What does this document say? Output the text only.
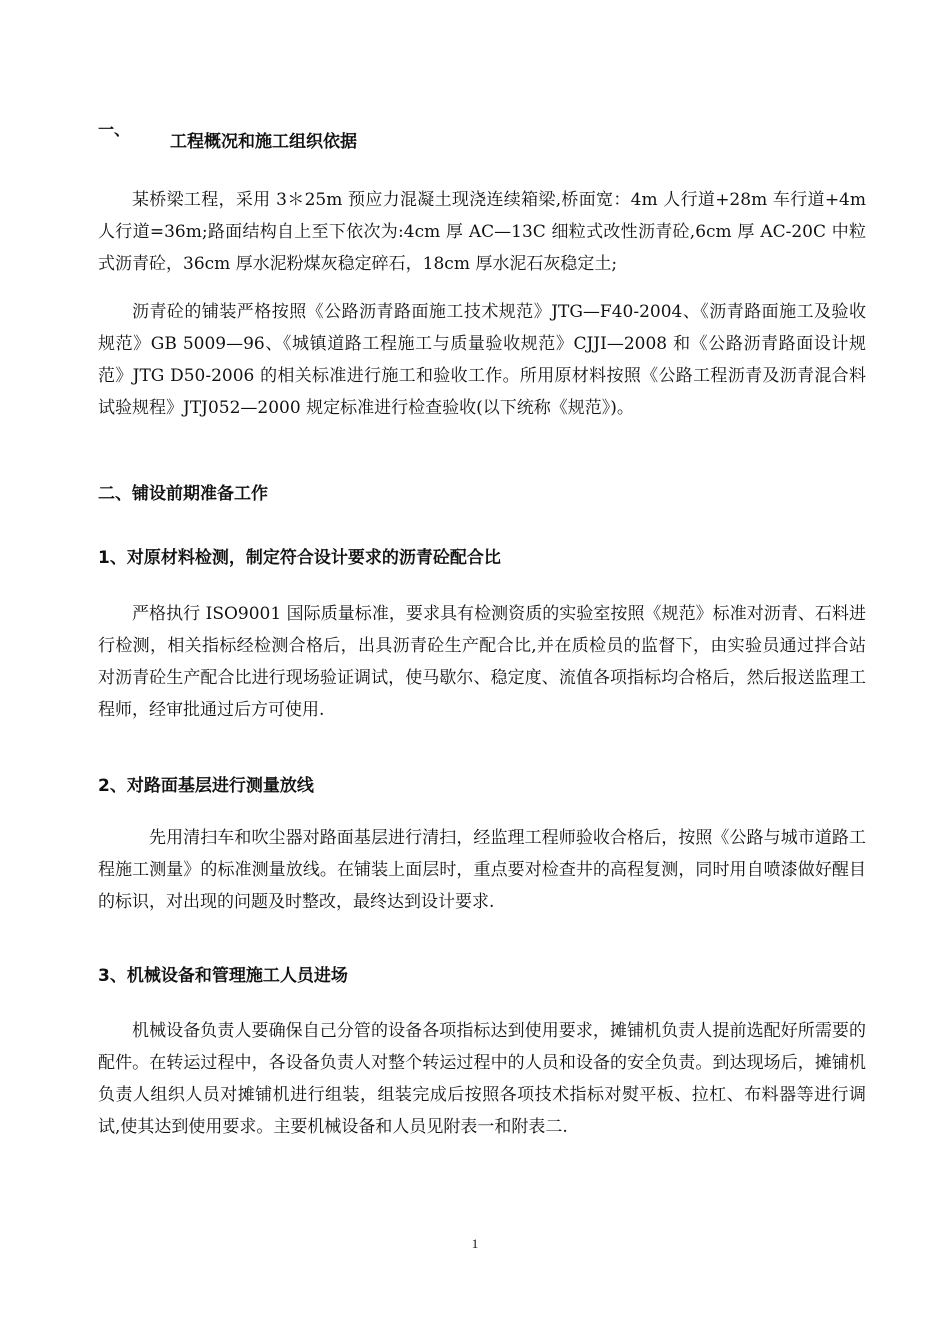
一、
工程概况和施工组织依据

某桥梁工程，采用 3＊25m 预应力混凝土现浇连续箱梁,桥面宽：4m 人行道+28m 车行道+4m 人行道=36m;路面结构自上至下依次为:4cm 厚 AC—13C 细粒式改性沥青砼,6cm 厚 AC-20C 中粒式沥青砼，36cm 厚水泥粉煤灰稳定碎石，18cm 厚水泥石灰稳定土;

沥青砼的铺装严格按照《公路沥青路面施工技术规范》JTG—F40-2004、《沥青路面施工及验收规范》GB 5009—96、《城镇道路工程施工与质量验收规范》CJJI—2008 和《公路沥青路面设计规范》JTG D50-2006 的相关标准进行施工和验收工作。所用原材料按照《公路工程沥青及沥青混合料试验规程》JTJ052—2000 规定标准进行检查验收(以下统称《规范》)。

二、铺设前期准备工作
1、对原材料检测，制定符合设计要求的沥青砼配合比

严格执行 ISO9001 国际质量标准，要求具有检测资质的实验室按照《规范》标准对沥青、石料进行检测，相关指标经检测合格后，出具沥青砼生产配合比,并在质检员的监督下，由实验员通过拌合站对沥青砼生产配合比进行现场验证调试，使马歇尔、稳定度、流值各项指标均合格后，然后报送监理工程师，经审批通过后方可使用.

2、对路面基层进行测量放线

先用清扫车和吹尘器对路面基层进行清扫，经监理工程师验收合格后，按照《公路与城市道路工程施工测量》的标准测量放线。在铺装上面层时，重点要对检查井的高程复测，同时用自喷漆做好醒目的标识，对出现的问题及时整改，最终达到设计要求.

3、机械设备和管理施工人员进场

机械设备负责人要确保自己分管的设备各项指标达到使用要求，摊铺机负责人提前选配好所需要的配件。在转运过程中，各设备负责人对整个转运过程中的人员和设备的安全负责。到达现场后，摊铺机负责人组织人员对摊铺机进行组装，组装完成后按照各项技术指标对熨平板、拉杠、布料器等进行调试,使其达到使用要求。主要机械设备和人员见附表一和附表二.

1
